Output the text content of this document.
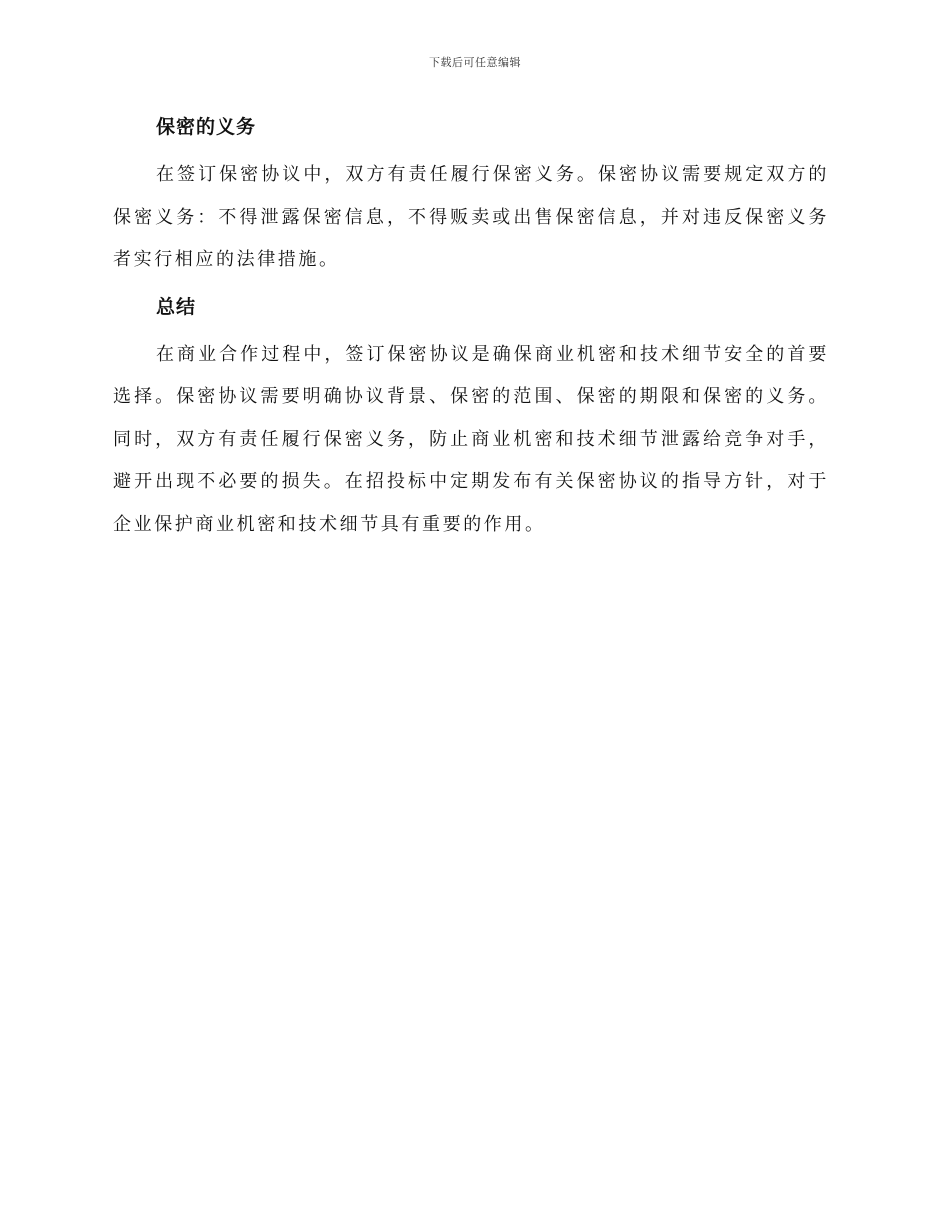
下载后可任意编辑
保密的义务

在签订保密协议中，双方有责任履行保密义务。保密协议需要规定双方的保密义务：不得泄露保密信息，不得贩卖或出售保密信息，并对违反保密义务者实行相应的法律措施。

总结

在商业合作过程中，签订保密协议是确保商业机密和技术细节安全的首要选择。保密协议需要明确协议背景、保密的范围、保密的期限和保密的义务。同时，双方有责任履行保密义务，防止商业机密和技术细节泄露给竞争对手，避开出现不必要的损失。在招投标中定期发布有关保密协议的指导方针，对于企业保护商业机密和技术细节具有重要的作用。
